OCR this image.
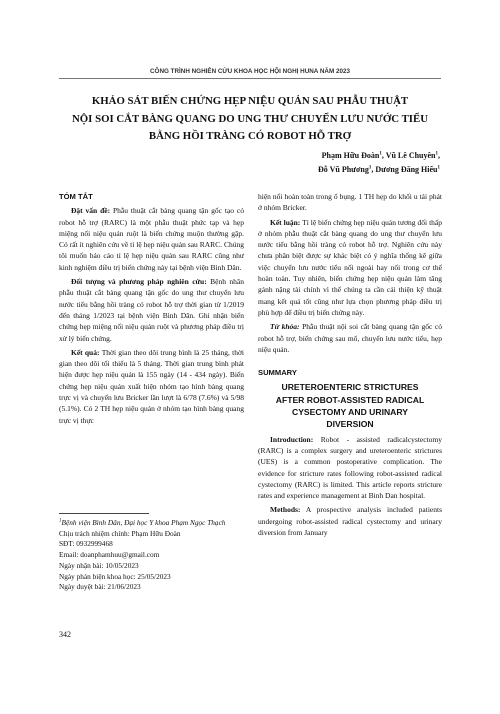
CÔNG TRÌNH NGHIÊN CỨU KHOA HỌC HỘI NGHỊ HUNA NĂM 2023
KHẢO SÁT BIẾN CHỨNG HẸP NIỆU QUẢN SAU PHẪU THUẬT
NỘI SOI CẮT BÀNG QUANG DO UNG THƯ CHUYỂN LƯU NƯỚC TIỂU
BẰNG HỒI TRÀNG CÓ ROBOT HỖ TRỢ
Phạm Hữu Đoàn$^1$, Vũ Lê Chuyên$^1$,
Đỗ Vũ Phương$^1$, Dương Đăng Hiếu$^1$
TÓM TẮT

Đặt vấn đề: Phẫu thuật cắt bàng quang tận gốc tạo có robot hỗ trợ (RARC) là một phẫu thuật phức tạp và hẹp miệng nối niệu quản ruột là biến chứng muộn thường gặp. Có rất ít nghiên cứu về tỉ lệ hẹp niệu quản sau RARC. Chúng tôi muốn báo cáo tỉ lệ hẹp niệu quản sau RARC cũng như kinh nghiệm điều trị biến chứng này tại bệnh viện Bình Dân.

Đối tượng và phương pháp nghiên cứu: Bệnh nhân phẫu thuật cắt bàng quang tận gốc do ung thư chuyển lưu nước tiểu bằng hồi tràng có robot hỗ trợ thời gian từ 1/2019 đến tháng 1/2023 tại bệnh viện Bình Dân. Ghi nhận biến chứng hẹp miệng nối niệu quản ruột và phương pháp điều trị xử lý biến chứng.

Kết quả: Thời gian theo dõi trung bình là 25 tháng, thời gian theo dõi tối thiểu là 5 tháng. Thời gian trung bình phát hiện được hẹp niệu quản là 155 ngày (14 - 434 ngày). Biến chứng hẹp niệu quản xuất hiện nhóm tạo hình bàng quang trực vị và chuyển lưu Bricker lần lượt là 6/78 (7.6%) và 5/98 (5.1%). Có 2 TH hẹp niệu quản ở nhóm tạo hình bàng quang trực vị thực

$^1$Bệnh viện Bình Dân, Đại học Y khoa Phạm Ngọc Thạch
Chịu trách nhiệm chính: Phạm Hữu Đoàn
SĐT: 0932999468
Email: doanphamhuu@gmail.com
Ngày nhận bài: 10/05/2023
Ngày phản biện khoa học: 25/05/2023
Ngày duyệt bài: 21/06/2023
342

hiện nối hoàn toàn trong ổ bụng. 1 TH hẹp do khối u tái phát ở nhóm Bricker.

Kết luận: Tỉ lệ biến chứng hẹp niệu quản tương đối thấp ở nhóm phẫu thuật cắt bàng quang do ung thư chuyển lưu nước tiểu bằng hồi tràng có robot hỗ trợ. Nghiên cứu này chưa phân biệt được sự khác biệt có ý nghĩa thống kê giữa việc chuyển lưu nước tiểu nối ngoài hay nối trong cơ thể hoàn toàn. Tuy nhiên, biến chứng hẹp niệu quản làm tăng gánh nặng tài chính vì thế chúng ta cần cải thiện kỹ thuật mang kết quả tốt cũng như lựa chọn phương pháp điều trị phù hợp để điều trị biến chứng này.

Từ khóa: Phẫu thuật nội soi cắt bàng quang tận gốc có robot hỗ trợ, biến chứng sau mổ, chuyển lưu nước tiểu, hẹp niệu quản.

SUMMARY
URETEROENTERIC STRICTURES
AFTER ROBOT-ASSISTED RADICAL
CYSECTOMY AND URINARY
DIVERSION

Introduction: Robot - assisted radicalcystectomy (RARC) is a complex surgery and ureteroenteric strictures (UES) is a common postoperative complication. The evidence for stricture rates following robot-assisted radical cystectomy (RARC) is limited. This article reports stricture rates and experience management at Binh Dan hospital.

Methods: A prospective analysis included patients undergoing robot-assisted radical cystectomy and urinary diversion from January
